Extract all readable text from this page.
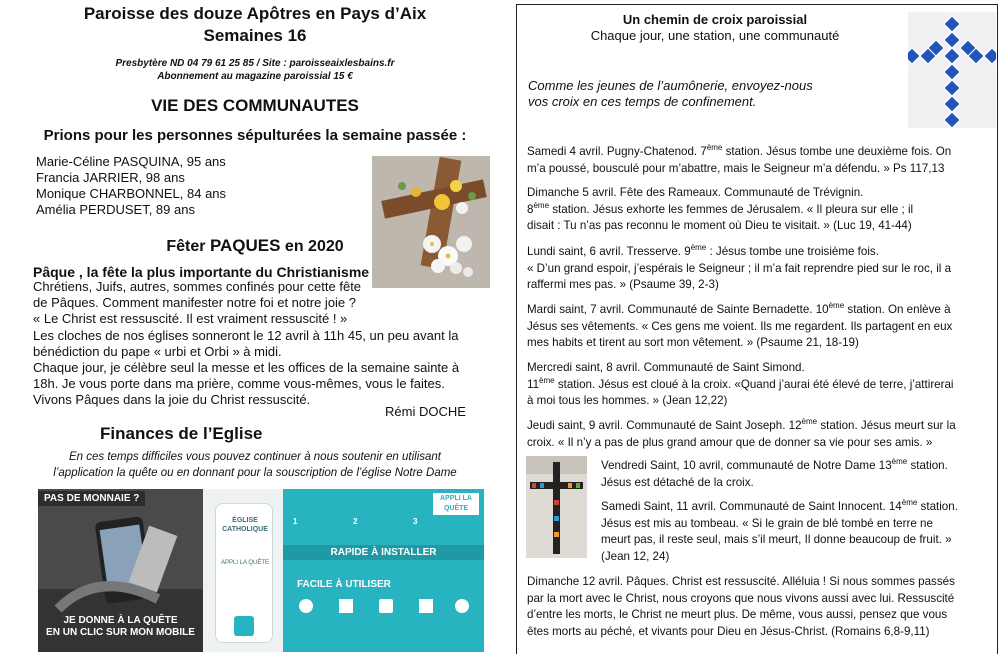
Paroisse des douze Apôtres en Pays d’Aix
Semaines 16
Presbytère ND 04 79 61 25 85 / Site : paroisseaixlesbains.fr
Abonnement au magazine paroissial 15 €
VIE DES COMMUNAUTES
Prions pour les personnes sépulturées la semaine passée :
Marie-Céline PASQUINA, 95 ans
Francia JARRIER, 98 ans
Monique CHARBONNEL, 84 ans
Amélia PERDUSET, 89 ans
Fêter PAQUES en 2020
Pâque , la fête la plus importante du Christianisme
Chrétiens, Juifs, autres, sommes confinés pour cette fête
de Pâques. Comment manifester notre foi et notre joie ?
« Le Christ est ressuscité. Il est vraiment ressuscité ! »
Les cloches de nos églises sonneront le 12 avril à 11h 45, un peu avant la
bénédiction du pape « urbi et Orbi » à midi.
Chaque jour, je célèbre seul la messe et les offices de la semaine sainte à
18h. Je vous porte dans ma prière, comme vous-mêmes, vous le faites.
Vivons Pâques dans la joie du Christ ressuscité.
Rémi DOCHE
Finances de l’Eglise
En ces temps difficiles vous pouvez continuer à nous soutenir en utilisant
l’application la quête ou en donnant pour la souscription de l’église Notre Dame
PAS DE MONNAIE ?
JE DONNE À LA QUÊTE
EN UN CLIC SUR MON MOBILE
ÉGLISE CATHOLIQUE
APPLI LA QUÊTE
1	2	3
APPLI LA QUÊTE
RAPIDE À INSTALLER
FACILE À UTILISER
Un chemin de croix paroissial
Chaque jour, une station, une communauté
Comme les jeunes de l’aumônerie, envoyez-nous
vos croix en ces temps de confinement.
Samedi 4 avril. Pugny-Chatenod. 7ème station. Jésus tombe une deuxième fois. On
m’a poussé, bousculé pour m’abattre, mais le Seigneur m’a défendu. » Ps 117,13
Dimanche 5 avril. Fête des Rameaux. Communauté de Trévignin.
8ème station. Jésus exhorte les femmes de Jérusalem. « Il pleura sur elle ; il
disait : Tu n’as pas reconnu le moment où Dieu te visitait. » (Luc 19, 41-44)
Lundi saint, 6 avril. Tresserve. 9ème : Jésus tombe une troisième fois.
« D’un grand espoir, j’espérais le Seigneur ; il m’a fait reprendre pied sur le roc, il a
raffermi mes pas. » (Psaume 39, 2-3)
Mardi saint, 7 avril. Communauté de Sainte Bernadette. 10ème station. On enlève à
Jésus ses vêtements. « Ces gens me voient. Ils me regardent. Ils partagent en eux
mes habits et tirent au sort mon vêtement. » (Psaume 21, 18-19)
Mercredi saint, 8 avril. Communauté de Saint Simond.
11ème station. Jésus est cloué à la croix. «Quand j’aurai été élevé de terre, j’attirerai
à moi tous les hommes. » (Jean 12,22)
Jeudi saint, 9 avril. Communauté de Saint Joseph. 12ème station. Jésus meurt sur la
croix. « Il n’y a pas de plus grand amour que de donner sa vie pour ses amis. »
Vendredi Saint, 10 avril, communauté de Notre Dame 13ème station.
Jésus est détaché de la croix.
Samedi Saint, 11 avril. Communauté de Saint Innocent. 14ème station.
Jésus est mis au tombeau. « Si le grain de blé tombé en terre ne
meurt pas, il reste seul, mais s’il meurt, Il donne beaucoup de fruit. »
(Jean 12, 24)
Dimanche 12 avril. Pâques. Christ est ressuscité. Alléluia ! Si nous sommes passés
par la mort avec le Christ, nous croyons que nous vivons aussi avec lui. Ressuscité
d’entre les morts, le Christ ne meurt plus. De même, vous aussi, pensez que vous
êtes morts au péché, et vivants pour Dieu en Jésus-Christ. (Romains 6,8-9,11)
